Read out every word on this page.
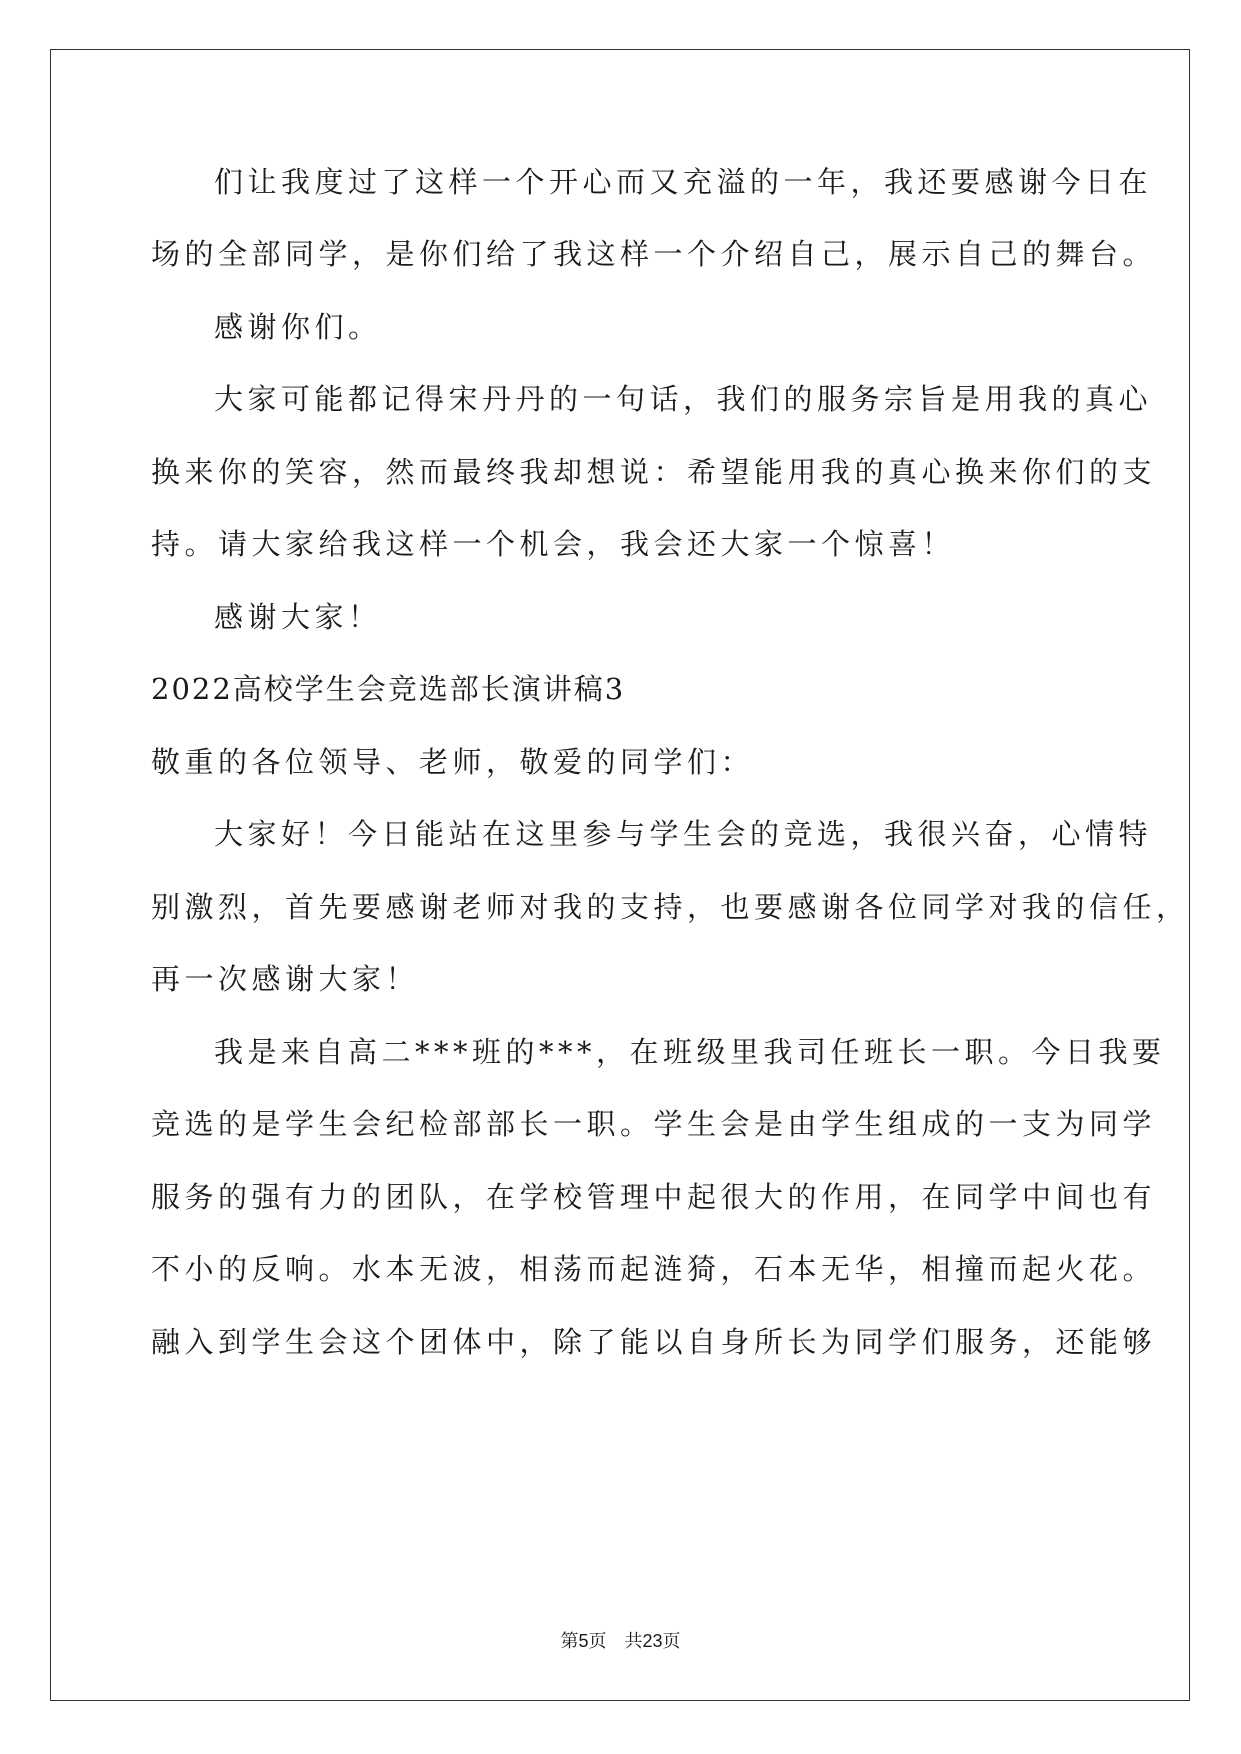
们让我度过了这样一个开心而又充溢的一年，我还要感谢今日在
场的全部同学，是你们给了我这样一个介绍自己，展示自己的舞台。
感谢你们。
大家可能都记得宋丹丹的一句话，我们的服务宗旨是用我的真心
换来你的笑容，然而最终我却想说：希望能用我的真心换来你们的支
持。请大家给我这样一个机会，我会还大家一个惊喜！
感谢大家！
2022高校学生会竞选部长演讲稿3
敬重的各位领导、老师，敬爱的同学们：
大家好！今日能站在这里参与学生会的竞选，我很兴奋，心情特
别激烈，首先要感谢老师对我的支持，也要感谢各位同学对我的信任，
再一次感谢大家！
我是来自高二***班的***，在班级里我司任班长一职。今日我要
竞选的是学生会纪检部部长一职。学生会是由学生组成的一支为同学
服务的强有力的团队，在学校管理中起很大的作用，在同学中间也有
不小的反响。水本无波，相荡而起涟猗，石本无华，相撞而起火花。
融入到学生会这个团体中，除了能以自身所长为同学们服务，还能够
第5页　共23页
